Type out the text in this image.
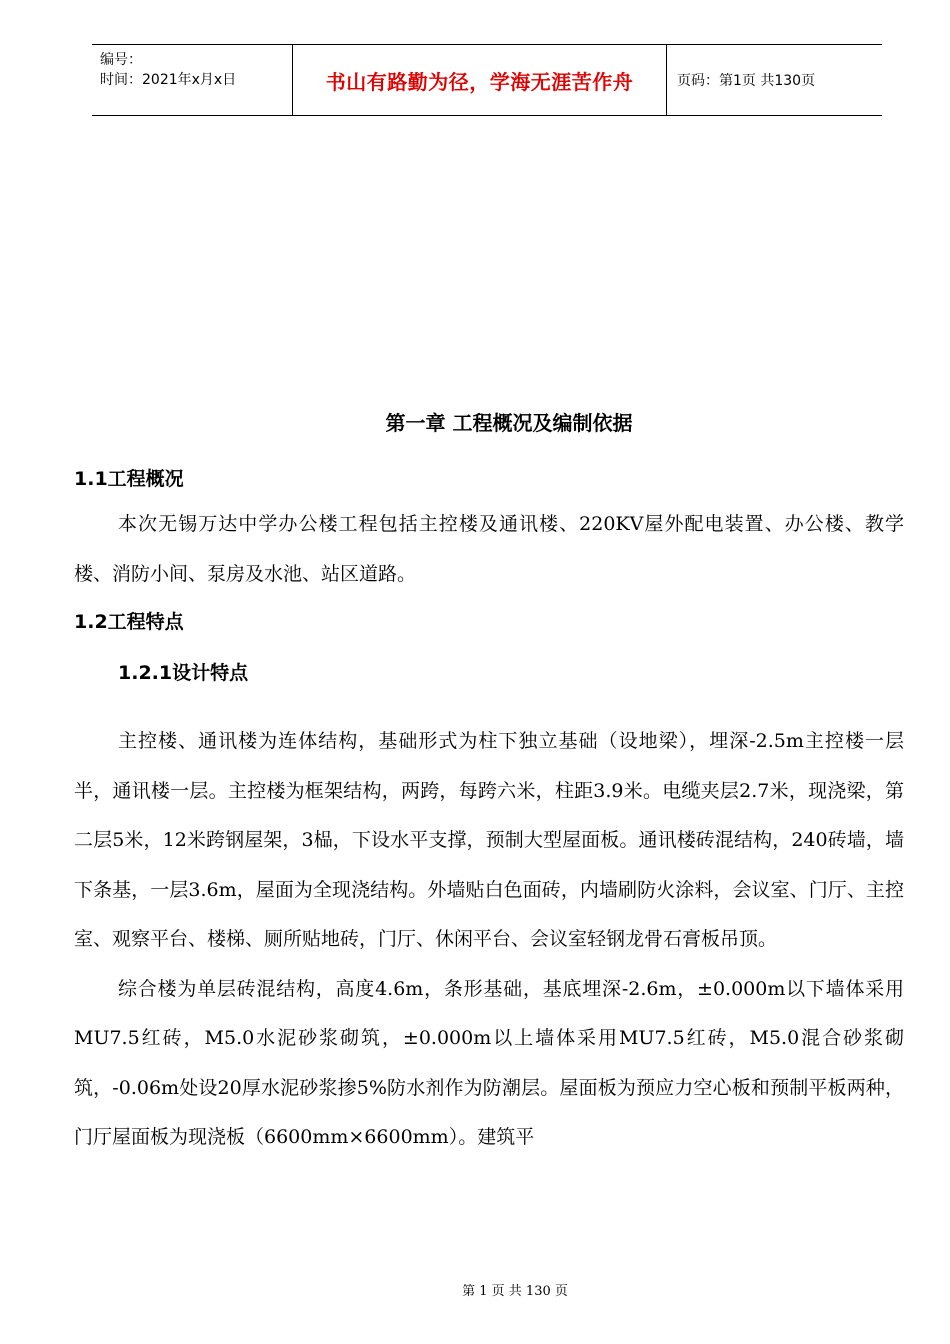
编号：
时间：2021年x月x日	书山有路勤为径，学海无涯苦作舟	页码：第1页 共130页
第一章 工程概况及编制依据
1.1工程概况

本次无锡万达中学办公楼工程包括主控楼及通讯楼、220KV屋外配电装置、办公楼、教学楼、消防小间、泵房及水池、站区道路。

1.2工程特点
1.2.1设计特点

主控楼、通讯楼为连体结构，基础形式为柱下独立基础（设地梁），埋深-2.5m主控楼一层半，通讯楼一层。主控楼为框架结构，两跨，每跨六米，柱距3.9米。电缆夹层2.7米，现浇梁，第二层5米，12米跨钢屋架，3榀，下设水平支撑，预制大型屋面板。通讯楼砖混结构，240砖墙，墙下条基，一层3.6m，屋面为全现浇结构。外墙贴白色面砖，内墙刷防火涂料，会议室、门厅、主控室、观察平台、楼梯、厕所贴地砖，门厅、休闲平台、会议室轻钢龙骨石膏板吊顶。

综合楼为单层砖混结构，高度4.6m，条形基础，基底埋深-2.6m，±0.000m以下墙体采用MU7.5红砖，M5.0水泥砂浆砌筑，±0.000m以上墙体采用MU7.5红砖，M5.0混合砂浆砌筑，-0.06m处设20厚水泥砂浆掺5%防水剂作为防潮层。屋面板为预应力空心板和预制平板两种，门厅屋面板为现浇板（6600mm×6600mm）。建筑平

第 1 页 共 130 页
